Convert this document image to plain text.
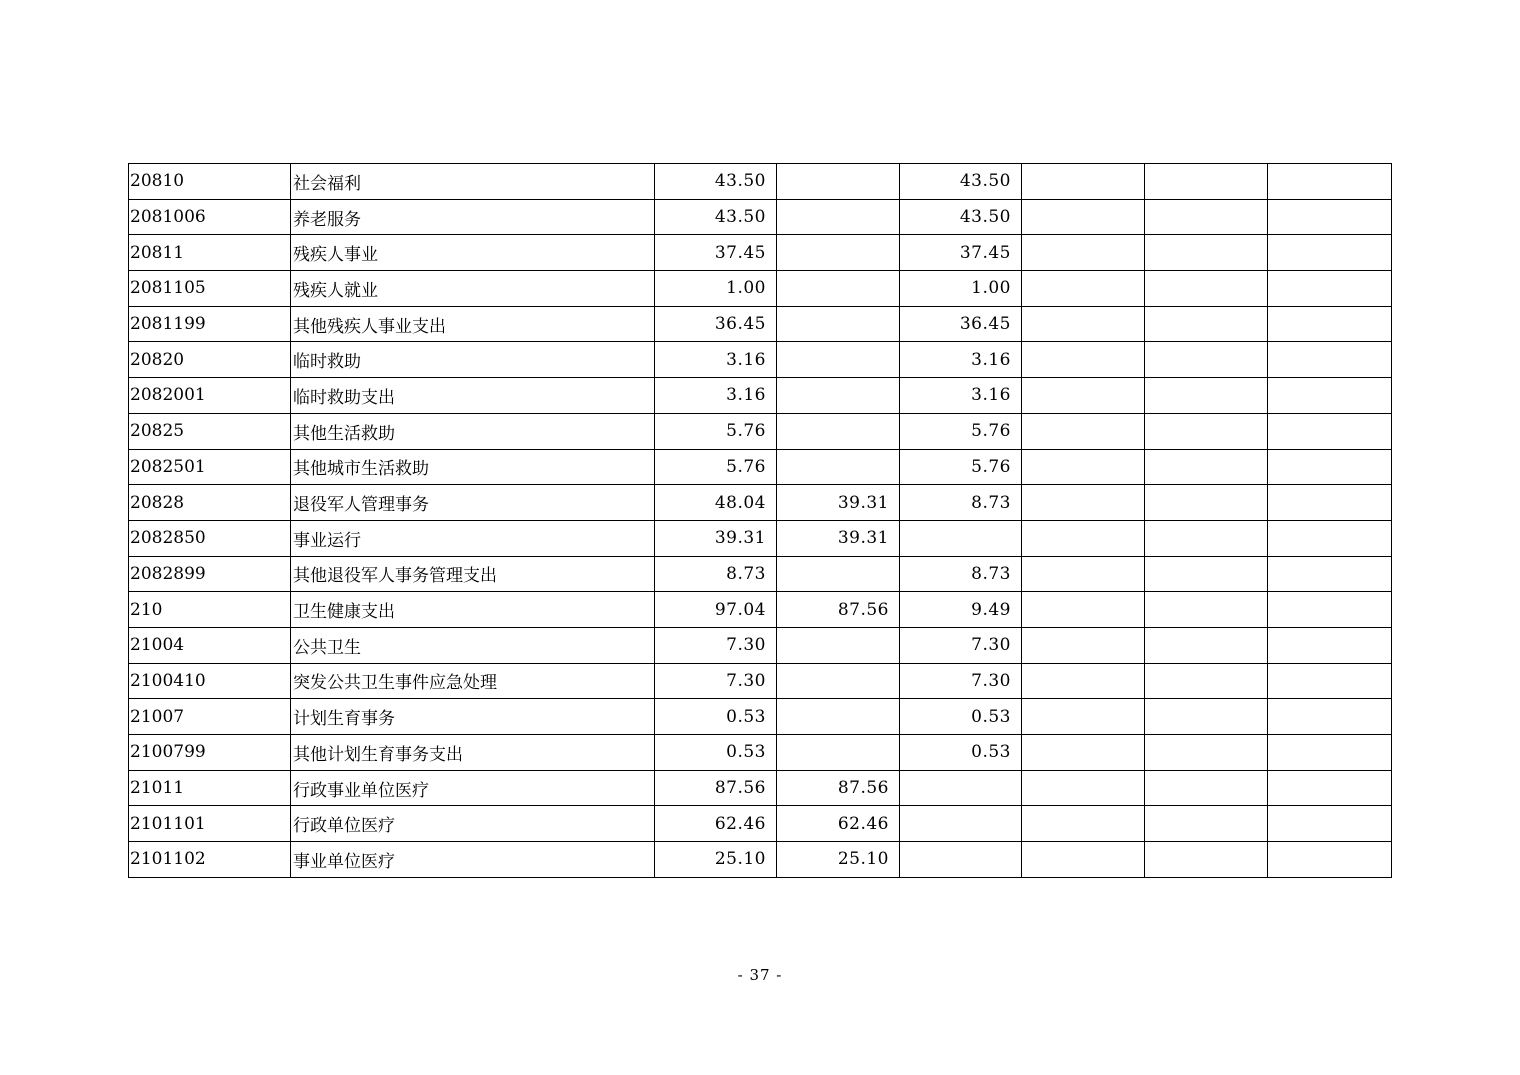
20810	社会福利	43.50		43.50			
2081006	养老服务	43.50		43.50			
20811	残疾人事业	37.45		37.45			
2081105	残疾人就业	1.00		1.00			
2081199	其他残疾人事业支出	36.45		36.45			
20820	临时救助	3.16		3.16			
2082001	临时救助支出	3.16		3.16			
20825	其他生活救助	5.76		5.76			
2082501	其他城市生活救助	5.76		5.76			
20828	退役军人管理事务	48.04	39.31	8.73			
2082850	事业运行	39.31	39.31				
2082899	其他退役军人事务管理支出	8.73		8.73			
210	卫生健康支出	97.04	87.56	9.49			
21004	公共卫生	7.30		7.30			
2100410	突发公共卫生事件应急处理	7.30		7.30			
21007	计划生育事务	0.53		0.53			
2100799	其他计划生育事务支出	0.53		0.53			
21011	行政事业单位医疗	87.56	87.56				
2101101	行政单位医疗	62.46	62.46				
2101102	事业单位医疗	25.10	25.10				
- 37 -
